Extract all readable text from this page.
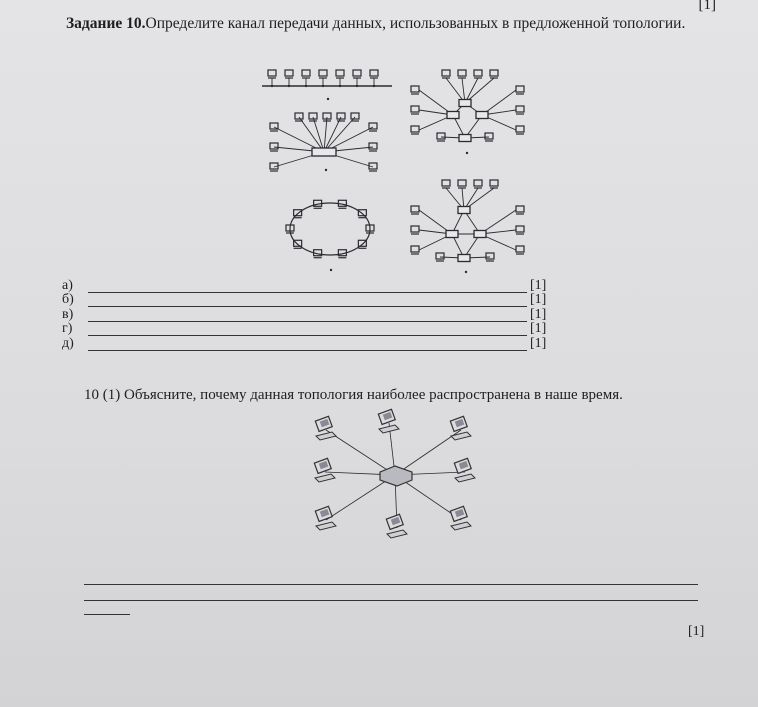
[1]
Задание 10.Определите канал передачи данных, использованных в предложенной топологии.
а)	[1]
б)	[1]
в)	[1]
г)	[1]
д)	[1]
10 (1) Объясните, почему данная топология наиболее распространена в наше время.
[1]
